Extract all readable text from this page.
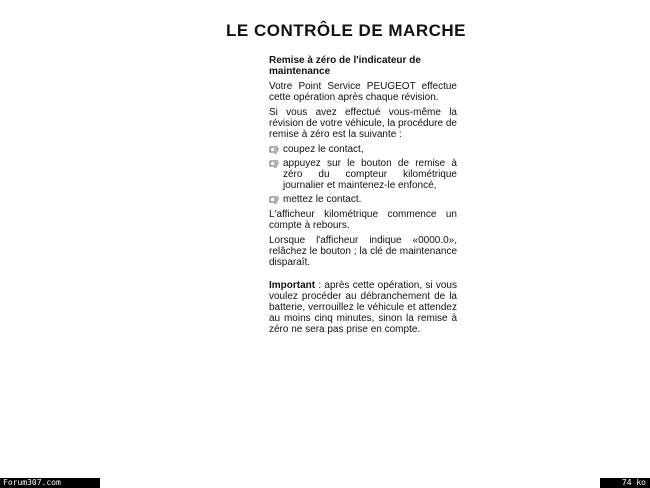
LE CONTRÔLE DE MARCHE

Remise à zéro de l'indicateur de maintenance

Votre Point Service PEUGEOT effectue cette opération après chaque révision.

Si vous avez effectué vous-même la révision de votre véhicule, la procédure de remise à zéro est la suivante :

coupez le contact,
appuyez sur le bouton de remise à zéro du compteur kilométrique journalier et maintenez-le enfoncé,
mettez le contact.

L'afficheur kilométrique commence un compte à rebours.

Lorsque l'afficheur indique «0000.0», relâchez le bouton ; la clé de maintenance disparaît.

Important : après cette opération, si vous voulez procéder au débranchement de la batterie, verrouillez le véhicule et attendez au moins cinq minutes, sinon la remise à zéro ne sera pas prise en compte.

Forum307.com	74 ko
